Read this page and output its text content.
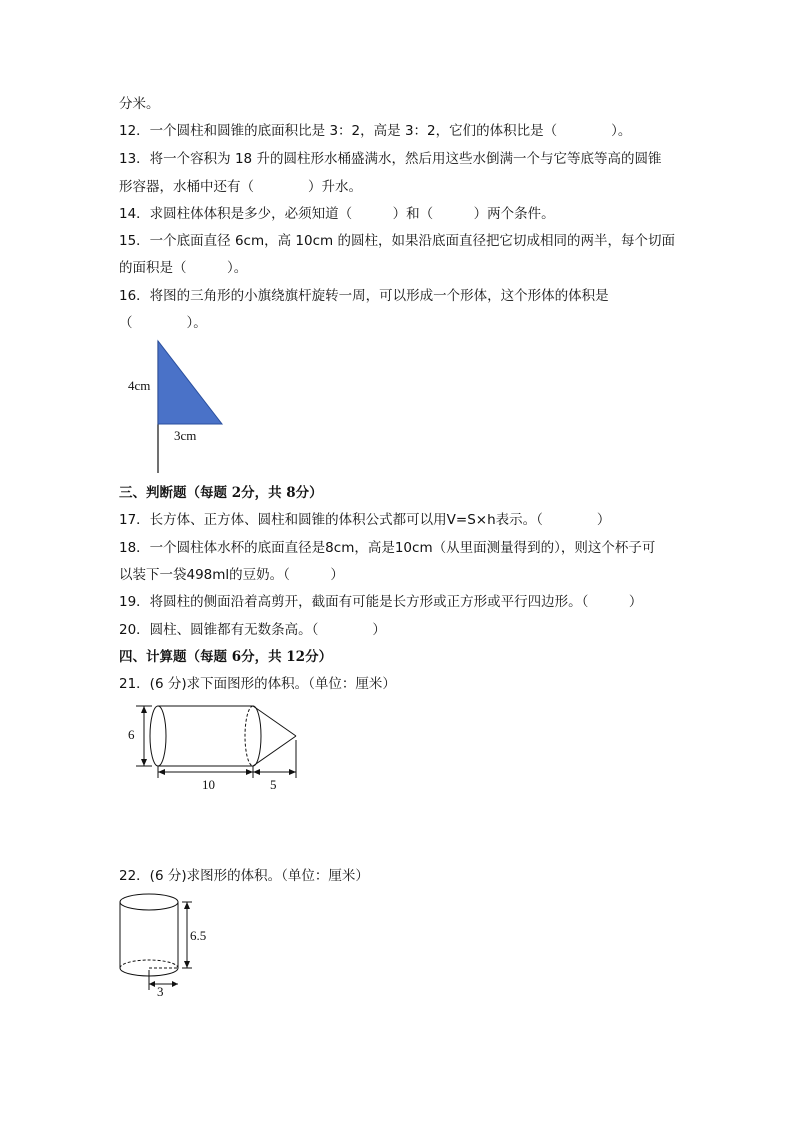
分米。
12．一个圆柱和圆锥的底面积比是 3：2，高是 3：2，它们的体积比是（　　　　）。
13．将一个容积为 18 升的圆柱形水桶盛满水，然后用这些水倒满一个与它等底等高的圆锥
形容器，水桶中还有（　　　　）升水。
14．求圆柱体体积是多少，必须知道（　　　）和（　　　）两个条件。
15．一个底面直径 6cm，高 10cm 的圆柱，如果沿底面直径把它切成相同的两半，每个切面
的面积是（　　　）。
16．将图的三角形的小旗绕旗杆旋转一周，可以形成一个形体，这个形体的体积是
（　　　　）。
4cm
3cm
三、判断题（每题 2分，共 8分）
17．长方体、正方体、圆柱和圆锥的体积公式都可以用V=S×h表示。（　　　　）
18．一个圆柱体水杯的底面直径是8cm，高是10cm（从里面测量得到的），则这个杯子可
以装下一袋498ml的豆奶。（　　　）
19．将圆柱的侧面沿着高剪开，截面有可能是长方形或正方形或平行四边形。（　　　）
20．圆柱、圆锥都有无数条高。（　　　　）
四、计算题（每题 6分，共 12分）
21．(6 分)求下面图形的体积。（单位：厘米）
6
10	5
22．(6 分)求图形的体积。（单位：厘米）
3
6.5
